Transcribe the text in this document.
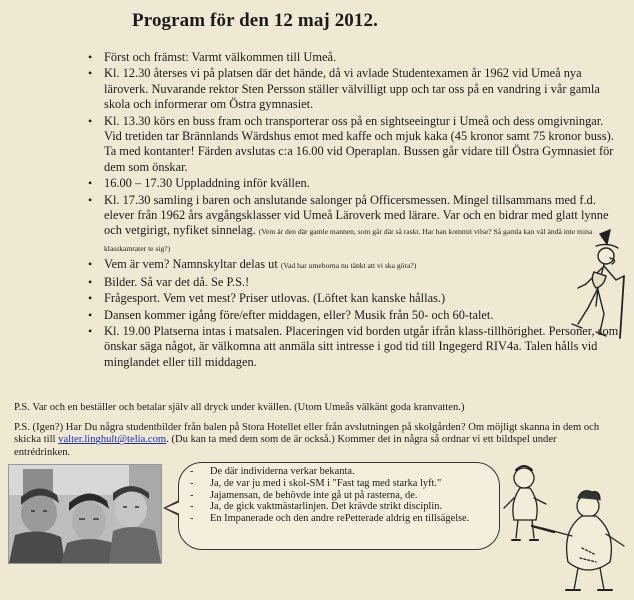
Program för den 12 maj 2012.
• Först och främst: Varmt välkommen till Umeå.
• Kl. 12.30 återses vi på platsen där det hände, då vi avlade Studentexamen år 1962 vid Umeå nya läroverk. Nuvarande rektor Sten Persson ställer välvilligt upp och tar oss på en vandring i vår gamla skola och informerar om Östra gymnasiet.
• Kl. 13.30 körs en buss fram och transporterar oss på en sightseeingtur i Umeå och dess omgivningar. Vid tretiden tar Brännlands Wärdshus emot med kaffe och mjuk kaka (45 kronor samt 75 kronor buss). Ta med kontanter! Färden avslutas c:a 16.00 vid Operaplan. Bussen går vidare till Östra Gymnasiet för dem som önskar.
• 16.00 – 17.30 Uppladdning inför kvällen.
• Kl. 17.30 samling i baren och anslutande salonger på Officersmessen. Mingel tillsammans med f.d. elever från 1962 års avgångsklasser vid Umeå Läroverk med lärare. Var och en bidrar med glatt lynne och vetgirigt, nyfiket sinnelag. (Vem är den där gamle mannen, som går där så raskt. Har han kommit vilse? Så gamla kan väl ändå inte mina klasskamrater te sig?)
• Vem är vem? Namnskyltar delas ut (Vad har umeborna nu tänkt att vi ska göra?)
• Bilder. Så var det då. Se P.S.!
• Frågesport. Vem vet mest? Priser utlovas. (Löftet kan kanske hållas.)
• Dansen kommer igång före/efter middagen, eller? Musik från 50- och 60-talet.
• Kl. 19.00 Platserna intas i matsalen. Placeringen vid borden utgår ifrån klass-tillhörighet. Personer, som önskar säga något, är välkomna att anmäla sitt intresse i god tid till Ingegerd RIV4a. Talen hålls vid minglandet eller till middagen.
P.S. Var och en beställer och betalar själv all dryck under kvällen. (Utom Umeås välkänt goda kranvatten.)
P.S. (Igen?) Har Du några studentbilder från balen på Stora Hotellet eller från avslutningen på skolgården? Om möjligt skanna in dem och skicka till valter.linghult@telia.com. (Du kan ta med dem som de är också.) Kommer det in några så ordnar vi ett bildspel under entrédrinken.
- De där individerna verkar bekanta.
- Ja, de var ju med i skol-SM i "Fast tag med starka lyft."
- Jajamensan, de behövde inte gå ut på rasterna, de.
- Ja, de gick vaktmästarlinjen. Det krävde strikt disciplin.
- En Impanerade och den andre rePetterade aldrig en tillsägelse.
